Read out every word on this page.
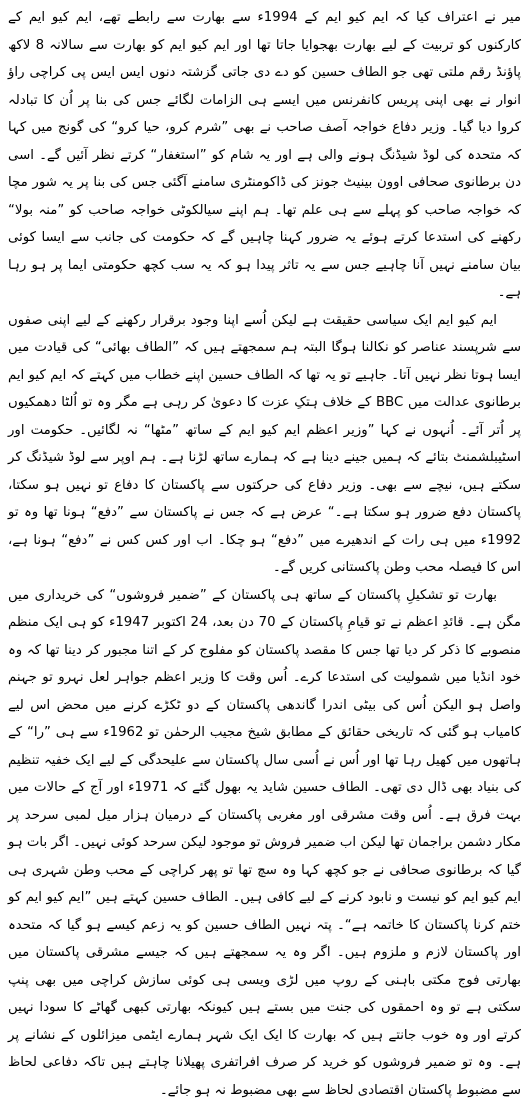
میر نے اعتراف کیا کہ ایم کیو ایم کے 1994ء سے بھارت سے رابطے تھے، ایم کیو ایم کے کارکنوں کو تربیت کے لیے بھارت بھجوایا جاتا تھا اور ایم کیو ایم کو بھارت سے سالانہ 8 لاکھ پاؤنڈ رقم ملتی تھی جو الطاف حسین کو دے دی جاتی گزشتہ دنوں ایس ایس پی کراچی راؤ انوار نے بھی اپنی پریس کانفرنس میں ایسے ہی الزامات لگائے جس کی بنا پر اُن کا تبادلہ کروا دیا گیا۔ وزیر دفاع خواجہ آصف صاحب نے بھی ”شرم کرو، حیا کرو“ کی گونج میں کہا کہ متحدہ کی لوڈ شیڈنگ ہونے والی ہے اور یہ شام کو ”استغفار“ کرتے نظر آئیں گے۔ اسی دن برطانوی صحافی اوون بینیٹ جونز کی ڈاکومنٹری سامنے آگئی جس کی بنا پر یہ شور مچا کہ خواجہ صاحب کو پہلے سے ہی علم تھا۔ ہم اپنے سیالکوٹی خواجہ صاحب کو ”منہ بولا“ رکھنے کی استدعا کرتے ہوئے یہ ضرور کہنا چاہیں گے کہ حکومت کی جانب سے ایسا کوئی بیان سامنے نہیں آنا چاہیے جس سے یہ تاثر پیدا ہو کہ یہ سب کچھ حکومتی ایما پر ہو رہا ہے۔

ایم کیو ایم ایک سیاسی حقیقت ہے لیکن اُسے اپنا وجود برقرار رکھنے کے لیے اپنی صفوں سے شرپسند عناصر کو نکالنا ہوگا البتہ ہم سمجھتے ہیں کہ ”الطاف بھائی“ کی قیادت میں ایسا ہوتا نظر نہیں آتا۔ جاہیے تو یہ تھا کہ الطاف حسین اپنے خطاب میں کہتے کہ ایم کیو ایم برطانوی عدالت میں BBC کے خلاف ہتکِ عزت کا دعویٰ کر رہی ہے مگر وہ تو اُلٹا دھمکیوں پر اُتر آئے۔ اُنہوں نے کہا ”وزیر اعظم ایم کیو ایم کے ساتھ ”مٹھا“ نہ لگائیں۔ حکومت اور اسٹیبلشمنٹ بتائے کہ ہمیں جینے دینا ہے کہ ہمارے ساتھ لڑنا ہے۔ ہم اوپر سے لوڈ شیڈنگ کر سکتے ہیں، نیچے سے بھی۔ وزیر دفاع کی حرکتوں سے پاکستان کا دفاع تو نہیں ہو سکتا، پاکستان دفع ضرور ہو سکتا ہے۔“ عرض ہے کہ جس نے پاکستان سے ”دفع“ ہونا تھا وہ تو 1992ء میں ہی رات کے اندھیرے میں ”دفع“ ہو چکا۔ اب اور کس کس نے ”دفع“ ہونا ہے، اس کا فیصلہ محب وطن پاکستانی کریں گے۔

بھارت تو تشکیلِ پاکستان کے ساتھ ہی پاکستان کے ”ضمیر فروشوں“ کی خریداری میں مگن ہے۔ قائدِ اعظم نے تو قیامِ پاکستان کے 70 دن بعد، 24 اکتوبر 1947ء کو ہی ایک منظم منصوبے کا ذکر کر دیا تھا جس کا مقصد پاکستان کو مفلوج کر کے اتنا مجبور کر دینا تھا کہ وہ خود انڈیا میں شمولیت کی استدعا کرے۔ اُس وقت کا وزیر اعظم جواہر لعل نہرو تو جہنم واصل ہو الیکن اُس کی بیٹی اندرا گاندھی پاکستان کے دو ٹکڑے کرنے میں محض اس لیے کامیاب ہو گئی کہ تاریخی حقائق کے مطابق شیخ مجیب الرحمٰن تو 1962ء سے ہی ”را“ کے ہاتھوں میں کھیل رہا تھا اور اُس نے اُسی سال پاکستان سے علیحدگی کے لیے ایک خفیہ تنظیم کی بنیاد بھی ڈال دی تھی۔ الطاف حسین شاید یہ بھول گئے کہ 1971ء اور آج کے حالات میں بہت فرق ہے۔ اُس وقت مشرقی اور مغربی پاکستان کے درمیان ہزار میل لمبی سرحد پر مکار دشمن براجمان تھا لیکن اب ضمیر فروش تو موجود لیکن سرحد کوئی نہیں۔ اگر بات ہو گیا کہ برطانوی صحافی نے جو کچھ کہا وہ سچ تھا تو پھر کراچی کے محب وطن شہری ہی ایم کیو ایم کو نیست و نابود کرنے کے لیے کافی ہیں۔ الطاف حسین کہتے ہیں ”ایم کیو ایم کو ختم کرنا پاکستان کا خاتمہ ہے“۔ پتہ نہیں الطاف حسین کو یہ زعم کیسے ہو گیا کہ متحدہ اور پاکستان لازم و ملزوم ہیں۔ اگر وہ یہ سمجھتے ہیں کہ جیسے مشرقی پاکستان میں بھارتی فوج مکتی باہنی کے روپ میں لڑی ویسی ہی کوئی سازش کراچی میں بھی پنپ سکتی ہے تو وہ احمقوں کی جنت میں بستے ہیں کیونکہ بھارتی کبھی گھاٹے کا سودا نہیں کرتے اور وہ خوب جانتے ہیں کہ بھارت کا ایک ایک شہر ہمارے ایٹمی میزائلوں کے نشانے پر ہے۔ وہ تو ضمیر فروشوں کو خرید کر صرف افراتفری پھیلانا چاہتے ہیں تاکہ دفاعی لحاظ سے مضبوط پاکستان اقتصادی لحاظ سے بھی مضبوط نہ ہو جائے۔
